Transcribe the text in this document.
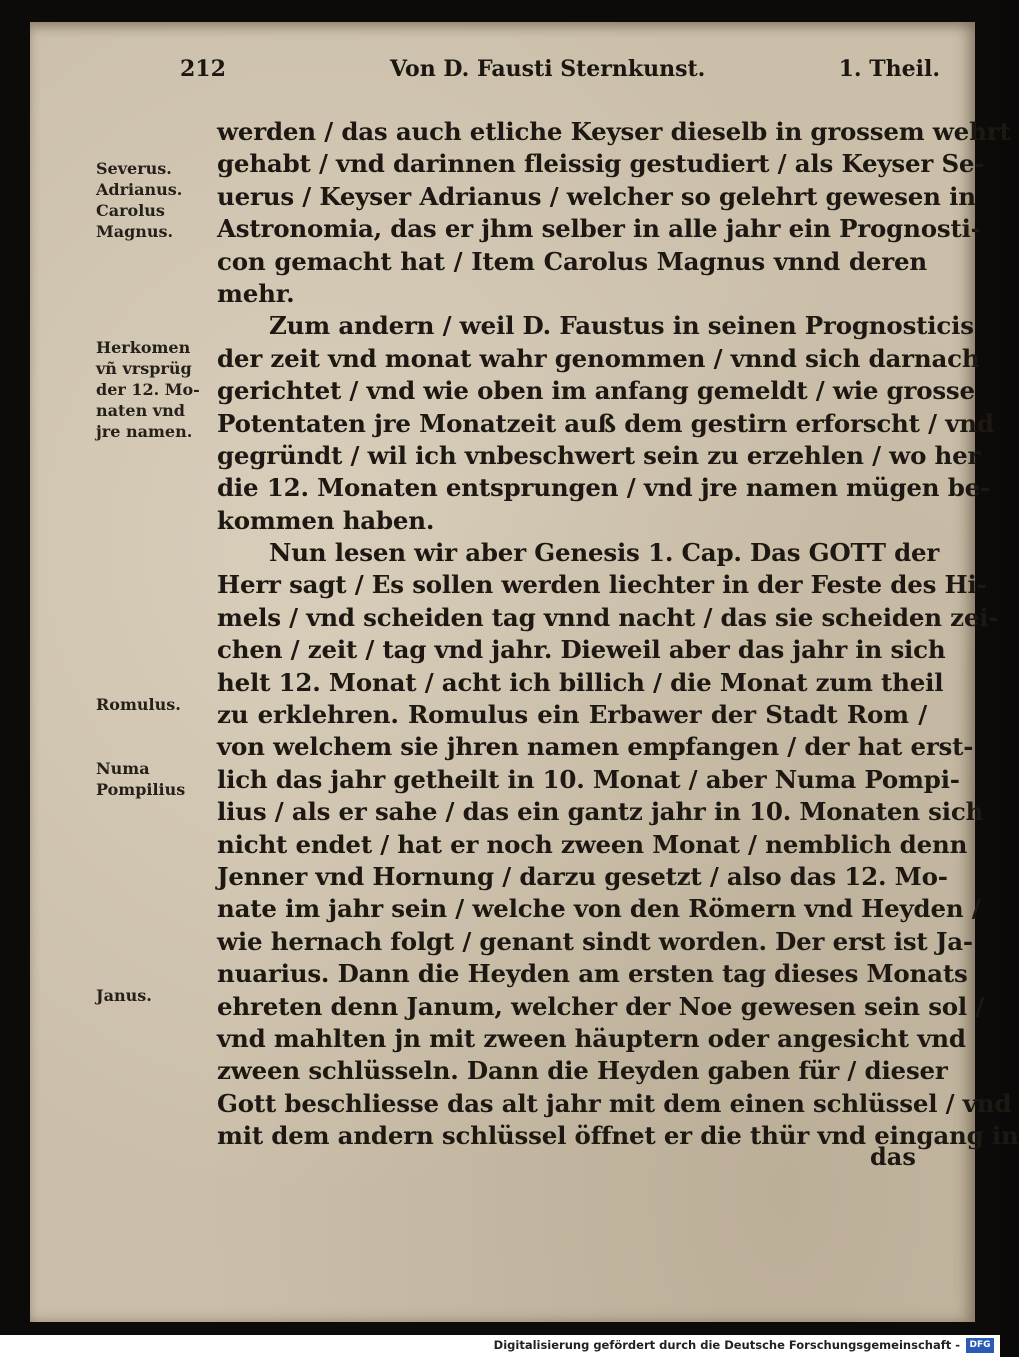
212	Von D. Fausti Sternkunst.	1. Theil.
werden / das auch etliche Keyser dieselb in grossem wehrt
gehabt / vnd darinnen fleissig gestudiert / als Keyser Se-
uerus / Keyser Adrianus / welcher so gelehrt gewesen in
Astronomia, das er jhm selber in alle jahr ein Prognosti-
con gemacht hat / Item Carolus Magnus vnnd deren
mehr.
Zum andern / weil D. Faustus in seinen Prognosticis
der zeit vnd monat wahr genommen / vnnd sich darnach
gerichtet / vnd wie oben im anfang gemeldt / wie grosse
Potentaten jre Monatzeit auß dem gestirn erforscht / vnd
gegründt / wil ich vnbeschwert sein zu erzehlen / wo her
die 12. Monaten entsprungen / vnd jre namen mügen be-
kommen haben.
Nun lesen wir aber Genesis 1. Cap. Das GOTT der
Herr sagt / Es sollen werden liechter in der Feste des Hi-
mels / vnd scheiden tag vnnd nacht / das sie scheiden zei-
chen / zeit / tag vnd jahr. Dieweil aber das jahr in sich
helt 12. Monat / acht ich billich / die Monat zum theil
zu erklehren. Romulus ein Erbawer der Stadt Rom /
von welchem sie jhren namen empfangen / der hat erst-
lich das jahr getheilt in 10. Monat / aber Numa Pompi-
lius / als er sahe / das ein gantz jahr in 10. Monaten sich
nicht endet / hat er noch zween Monat / nemblich denn
Jenner vnd Hornung / darzu gesetzt / also das 12. Mo-
nate im jahr sein / welche von den Römern vnd Heyden /
wie hernach folgt / genant sindt worden. Der erst ist Ja-
nuarius. Dann die Heyden am ersten tag dieses Monats
ehreten denn Janum, welcher der Noe gewesen sein sol /
vnd mahlten jn mit zween häuptern oder angesicht vnd
zween schlüsseln. Dann die Heyden gaben für / dieser
Gott beschliesse das alt jahr mit dem einen schlüssel / vnd
mit dem andern schlüssel öffnet er die thür vnd eingang in
Severus.
Adrianus.
Carolus
Magnus.
Herkomen
vñ vrsprüg
der 12. Mo-
naten vnd
jre namen.
Romulus.
Numa
Pompilius
Janus.
das
Digitalisierung gefördert durch die Deutsche Forschungsgemeinschaft -	DFG
